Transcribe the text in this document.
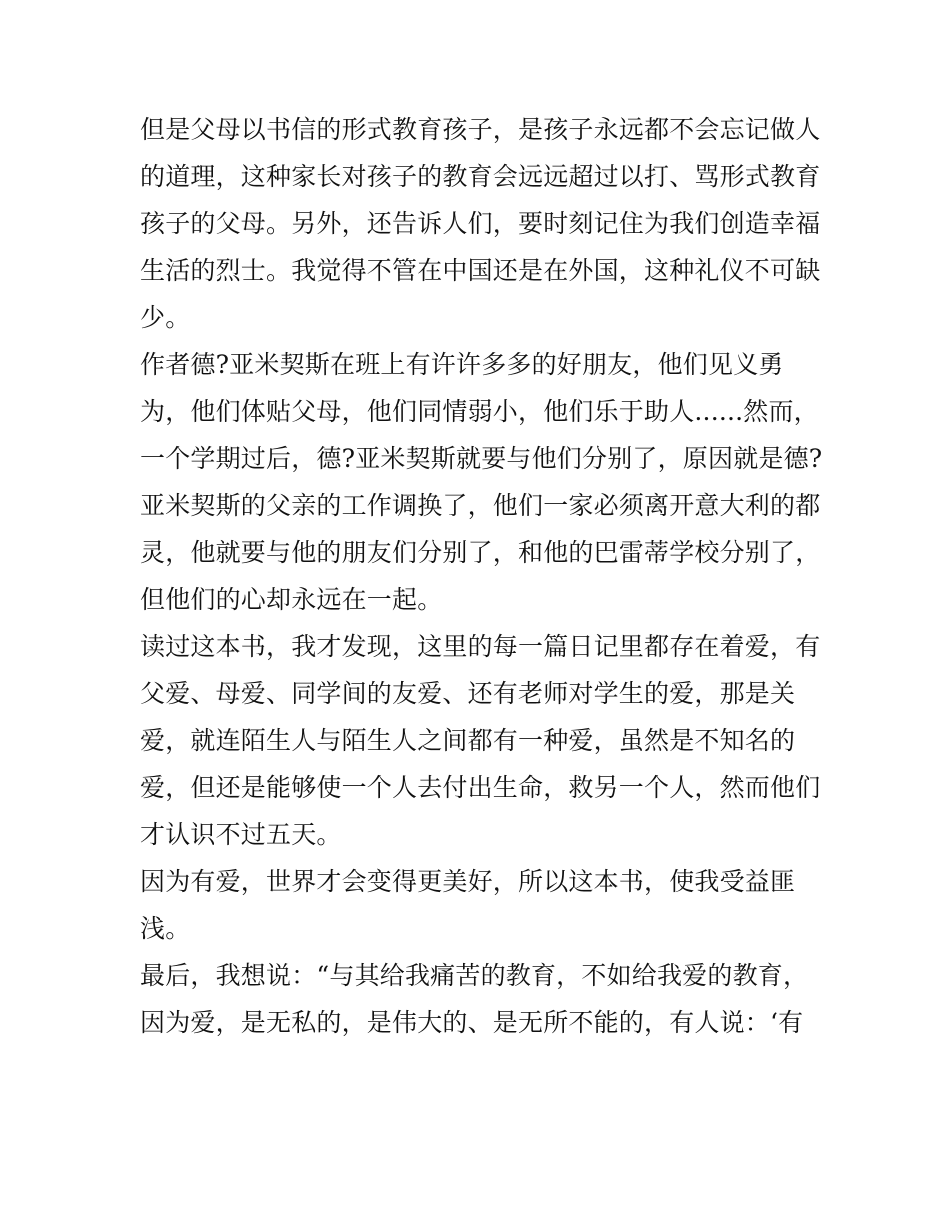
但是父母以书信的形式教育孩子，是孩子永远都不会忘记做人
的道理，这种家长对孩子的教育会远远超过以打、骂形式教育
孩子的父母。另外，还告诉人们，要时刻记住为我们创造幸福
生活的烈士。我觉得不管在中国还是在外国，这种礼仪不可缺
少。
作者德?亚米契斯在班上有许许多多的好朋友，他们见义勇
为，他们体贴父母，他们同情弱小，他们乐于助人......然而，
一个学期过后，德?亚米契斯就要与他们分别了，原因就是德?
亚米契斯的父亲的工作调换了，他们一家必须离开意大利的都
灵，他就要与他的朋友们分别了，和他的巴雷蒂学校分别了，
但他们的心却永远在一起。
读过这本书，我才发现，这里的每一篇日记里都存在着爱，有
父爱、母爱、同学间的友爱、还有老师对学生的爱，那是关
爱，就连陌生人与陌生人之间都有一种爱，虽然是不知名的
爱，但还是能够使一个人去付出生命，救另一个人，然而他们
才认识不过五天。
因为有爱，世界才会变得更美好，所以这本书，使我受益匪
浅。
最后，我想说：“与其给我痛苦的教育，不如给我爱的教育，
因为爱，是无私的，是伟大的、是无所不能的，有人说：‘有
